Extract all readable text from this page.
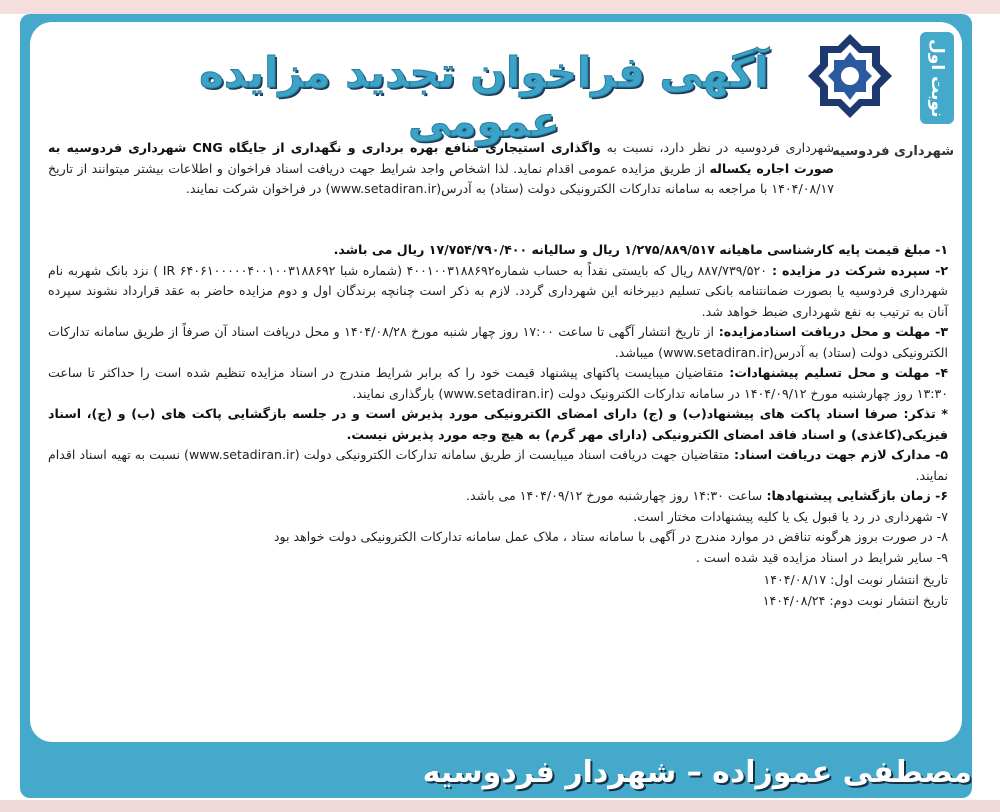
نوبت اول
شهرداری فردوسیه
آگهی فراخوان تجدید مزایده عمومی

شهرداری فردوسیه در نظر دارد، نسبت به واگذاری استیجاری منافع بهره برداری و نگهداری از جایگاه CNG شهرداری فردوسیه به صورت اجاره یکساله از طریق مزایده عمومی اقدام نماید. لذا اشخاص واجد شرایط جهت دریافت اسناد فراخوان و اطلاعات بیشتر میتوانند از تاریخ ۱۴۰۴/۰۸/۱۷ با مراجعه به سامانه تدارکات الکترونیکی دولت (ستاد) به آدرس(www.setadiran.ir) در فراخوان شرکت نمایند.

۱- مبلغ قیمت پایه کارشناسی ماهیانه ۱/۲۷۵/۸۸۹/۵۱۷ ریال و سالیانه ۱۷/۷۵۴/۷۹۰/۴۰۰ ریال می باشد.

۲- سپرده شرکت در مزایده : ۸۸۷/۷۳۹/۵۲۰ ریال که بایستی نقداً به حساب شماره۴۰۰۱۰۰۳۱۸۸۶۹۲ (شماره شبا IR ۶۴۰۶۱۰۰۰۰۰۴۰۰۱۰۰۳۱۸۸۶۹۲ ) نزد بانک شهربه نام شهرداری فردوسیه یا بصورت ضمانتنامه بانکی تسلیم دبیرخانه این شهرداری گردد. لازم به ذکر است چنانچه برندگان اول و دوم مزایده حاضر به عقد قرارداد نشوند سپرده آنان به ترتیب به نفع شهرداری ضبط خواهد شد.

۳- مهلت و محل دریافت اسنادمزایده: از تاریخ انتشار آگهی تا ساعت ۱۷:۰۰ روز چهار شنبه مورخ ۱۴۰۴/۰۸/۲۸ و محل دریافت اسناد آن صرفاً از طریق سامانه تدارکات الکترونیکی دولت (ستاد) به آدرس(www.setadiran.ir) میباشد.

۴- مهلت و محل تسلیم پیشنهادات: متقاضیان میبایست پاکتهای پیشنهاد قیمت خود را که برابر شرایط مندرج در اسناد مزایده تنظیم شده است را حداکثر تا ساعت ۱۳:۳۰ روز چهارشنبه مورخ ۱۴۰۴/۰۹/۱۲ در سامانه تدارکات الکترونیک دولت (www.setadiran.ir) بارگذاری نمایند.

* تذکر: صرفا اسناد پاکت های پیشنهاد(ب) و (ج) دارای امضای الکترونیکی مورد پذیرش است و در جلسه بازگشایی پاکت های (ب) و (ج)، اسناد فیزیکی(کاغذی) و اسناد فاقد امضای الکترونیکی (دارای مهر گرم) به هیچ وجه مورد پذیرش نیست.

۵- مدارک لازم جهت دریافت اسناد: متقاضیان جهت دریافت اسناد میبایست از طریق سامانه تدارکات الکترونیکی دولت (www.setadiran.ir) نسبت به تهیه اسناد اقدام نمایند.

۶- زمان بازگشایی پیشنهادها: ساعت ۱۴:۳۰ روز چهارشنبه مورخ ۱۴۰۴/۰۹/۱۲ می باشد.

۷- شهرداری در رد یا قبول یک یا کلیه پیشنهادات مختار است.

۸- در صورت بروز هرگونه تناقض در موارد مندرج در آگهی با سامانه ستاد ، ملاک عمل سامانه تدارکات الکترونیکی دولت خواهد بود

۹- سایر شرایط در اسناد مزایده قید شده است .

تاریخ انتشار نوبت اول: ۱۴۰۴/۰۸/۱۷

تاریخ انتشار نوبت دوم: ۱۴۰۴/۰۸/۲۴

مصطفی عموزاده – شهردار فردوسیه
